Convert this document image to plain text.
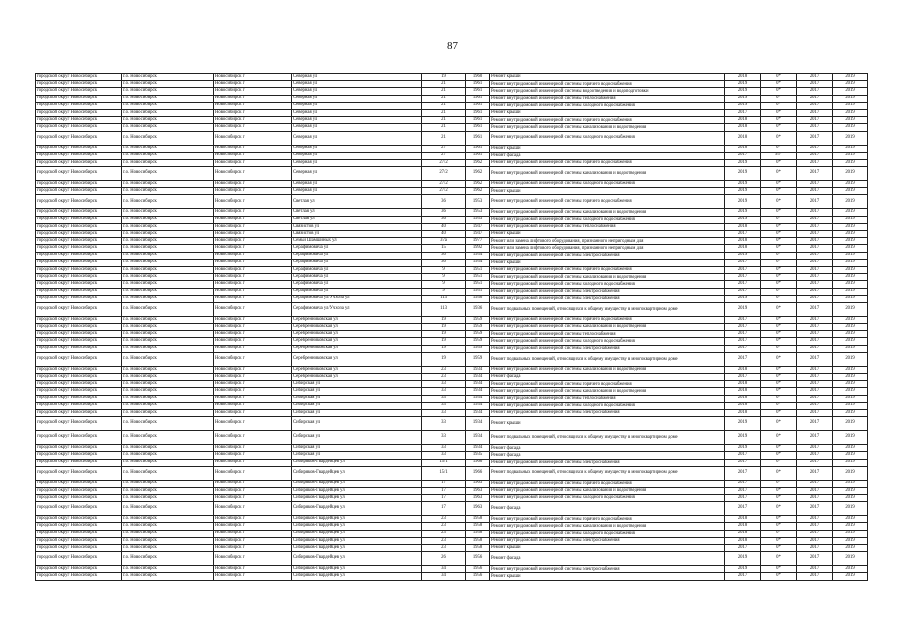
87
городской округ Новосибирск	г.о. Новосибирск	Новосибирск г	Северная ул	19	1960	Ремонт крыши	2018	0*	2017	2019
городской округ Новосибирск	г.о. Новосибирск	Новосибирск г	Северная ул	21	1961	Ремонт внутридомовой инженерной системы горячего водоснабжения	2019	0*	2017	2019
городской округ Новосибирск	г.о. Новосибирск	Новосибирск г	Северная ул	21	1961	Ремонт внутридомовой инженерной системы водоотведения и водоподготовки	2019	0*	2017	2019
городской округ Новосибирск	г.о. Новосибирск	Новосибирск г	Северная ул	21	1961	Ремонт внутридомовой инженерной системы теплоснабжения	2019	0*	2017	2019
городской округ Новосибирск	г.о. Новосибирск	Новосибирск г	Северная ул	21	1961	Ремонт внутридомовой инженерной системы холодного водоснабжения	2019	0*	2017	2019
городской округ Новосибирск	г.о. Новосибирск	Новосибирск г	Северная ул	21	1961	Ремонт крыши	2017	0*	2017	2019
городской округ Новосибирск	г.о. Новосибирск	Новосибирск г	Северная ул	21	1961	Ремонт внутридомовой инженерной системы горячего водоснабжения	2018	0*	2017	2019
городской округ Новосибирск	г.о. Новосибирск	Новосибирск г	Северная ул	21	1961	Ремонт внутридомовой инженерной системы канализования и водоотведения	2018	0*	2017	2019
городской округ Новосибирск	г.о. Новосибирск	Новосибирск г	Северная ул	21	1961	Ремонт внутридомовой инженерной системы холодного водоснабжения	2018	0*	2017	2019
городской округ Новосибирск	г.о. Новосибирск	Новосибирск г	Северная ул	27	1961	Ремонт крыши	2018	0*	2017	2019
городской округ Новосибирск	г.о. Новосибирск	Новосибирск г	Северная ул	27	1961	Ремонт фасада	2017	95*	2017	2019
городской округ Новосибирск	г.о. Новосибирск	Новосибирск г	Северная ул	27/2	1962	Ремонт внутридомовой инженерной системы горячего водоснабжения	2019	0*	2017	2019
городской округ Новосибирск	г.о. Новосибирск	Новосибирск г	Северная ул	27/2	1962	Ремонт внутридомовой инженерной системы канализования и водоотведения	2019	0*	2017	2019
городской округ Новосибирск	г.о. Новосибирск	Новосибирск г	Северная ул	27/2	1962	Ремонт внутридомовой инженерной системы холодного водоснабжения	2019	0*	2017	2019
городской округ Новосибирск	г.о. Новосибирск	Новосибирск г	Северная ул	27/2	1962	Ремонт крыши	2019	0*	2017	2019
городской округ Новосибирск	г.о. Новосибирск	Новосибирск г	Светлая ул	36	1953	Ремонт внутридомовой инженерной системы горячего водоснабжения	2019	0*	2017	2019
городской округ Новосибирск	г.о. Новосибирск	Новосибирск г	Светлая ул	36	1953	Ремонт внутридомовой инженерной системы канализования и водоотведения	2019	0*	2017	2019
городской округ Новосибирск	г.о. Новосибирск	Новосибирск г	Светлая ул	36	1953	Ремонт внутридомовой инженерной системы холодного водоснабжения	2019	0*	2017	2019
городской округ Новосибирск	г.о. Новосибирск	Новосибирск г	Связистов ул	40	1947	Ремонт внутридомовой инженерной системы теплоснабжения	2018	0*	2017	2019
городской округ Новосибирск	г.о. Новосибирск	Новосибирск г	Связистов ул	40	1947	Ремонт крыши	2017	0*	2017	2019
городской округ Новосибирск	г.о. Новосибирск	Новосибирск г	Семьи Шамшиных ул	37а	1977	Ремонт или замена лифтового оборудования, признанного непригодным для	2018	0*	2017	2019
городской округ Новосибирск	г.о. Новосибирск	Новосибирск г	Серафимовича ул	15	1992	Ремонт или замена лифтового оборудования, признанного непригодным для	2018	0*	2017	2019
городской округ Новосибирск	г.о. Новосибирск	Новосибирск г	Серафимовича ул	30	1954	Ремонт внутридомовой инженерной системы электроснабжения	2019	0*	2017	2019
городской округ Новосибирск	г.о. Новосибирск	Новосибирск г	Серафимовича ул	30	1954	Ремонт крыши	2017	0*	2017	2019
городской округ Новосибирск	г.о. Новосибирск	Новосибирск г	Серафимовича ул	9	1951	Ремонт внутридомовой инженерной системы горячего водоснабжения	2017	0*	2017	2019
городской округ Новосибирск	г.о. Новосибирск	Новосибирск г	Серафимовича ул	9	1951	Ремонт внутридомовой инженерной системы канализования и водоотведения	2017	0*	2017	2019
городской округ Новосибирск	г.о. Новосибирск	Новосибирск г	Серафимовича ул	9	1951	Ремонт внутридомовой инженерной системы холодного водоснабжения	2017	0*	2017	2019
городской округ Новосибирск	г.о. Новосибирск	Новосибирск г	Серафимовича ул	9	1951	Ремонт внутридомовой инженерной системы электроснабжения	2017	0*	2017	2019
городской округ Новосибирск	г.о. Новосибирск	Новосибирск г	Серафимовича ул/Учхоза ул	113	1936	Ремонт внутридомовой инженерной системы электроснабжения	2019	0*	2017	2019
городской округ Новосибирск	г.о. Новосибирск	Новосибирск г	Серафимовича ул/Учхоза ул	113	1936	Ремонт подвальных помещений, относящихся к общему имуществу в многоквартирном доме	2019	0*	2017	2019
городской округ Новосибирск	г.о. Новосибирск	Новосибирск г	Серебренниковская ул	19	1959	Ремонт внутридомовой инженерной системы горячего водоснабжения	2017	0*	2017	2019
городской округ Новосибирск	г.о. Новосибирск	Новосибирск г	Серебренниковская ул	19	1959	Ремонт внутридомовой инженерной системы канализования и водоотведения	2017	0*	2017	2019
городской округ Новосибирск	г.о. Новосибирск	Новосибирск г	Серебренниковская ул	19	1959	Ремонт внутридомовой инженерной системы теплоснабжения	2017	0*	2017	2019
городской округ Новосибирск	г.о. Новосибирск	Новосибирск г	Серебренниковская ул	19	1959	Ремонт внутридомовой инженерной системы холодного водоснабжения	2017	0*	2017	2019
городской округ Новосибирск	г.о. Новосибирск	Новосибирск г	Серебренниковская ул	19	1959	Ремонт внутридомовой инженерной системы электроснабжения	2017	0*	2017	2019
городской округ Новосибирск	г.о. Новосибирск	Новосибирск г	Серебренниковская ул	19	1959	Ремонт подвальных помещений, относящихся к общему имуществу в многоквартирном доме	2017	0*	2017	2019
городской округ Новосибирск	г.о. Новосибирск	Новосибирск г	Серебренниковская ул	23	1934	Ремонт внутридомовой инженерной системы канализования и водоотведения	2018	0*	2017	2019
городской округ Новосибирск	г.о. Новосибирск	Новосибирск г	Серебренниковская ул	23	1934	Ремонт фасада	2017	0*	2017	2019
городской округ Новосибирск	г.о. Новосибирск	Новосибирск г	Сибирская ул	33	1934	Ремонт внутридомовой инженерной системы горячего водоснабжения	2018	0*	2017	2019
городской округ Новосибирск	г.о. Новосибирск	Новосибирск г	Сибирская ул	33	1934	Ремонт внутридомовой инженерной системы канализования и водоотведения	2018	0*	2017	2019
городской округ Новосибирск	г.о. Новосибирск	Новосибирск г	Сибирская ул	33	1934	Ремонт внутридомовой инженерной системы теплоснабжения	2018	0*	2017	2019
городской округ Новосибирск	г.о. Новосибирск	Новосибирск г	Сибирская ул	33	1934	Ремонт внутридомовой инженерной системы холодного водоснабжения	2018	0*	2017	2019
городской округ Новосибирск	г.о. Новосибирск	Новосибирск г	Сибирская ул	33	1934	Ремонт внутридомовой инженерной системы электроснабжения	2018	0*	2017	2019
городской округ Новосибирск	г.о. Новосибирск	Новосибирск г	Сибирская ул	33	1934	Ремонт крыши	2019	0*	2017	2019
городской округ Новосибирск	г.о. Новосибирск	Новосибирск г	Сибирская ул	33	1934	Ремонт подвальных помещений, относящихся к общему имуществу в многоквартирном доме	2019	0*	2017	2019
городской округ Новосибирск	г.о. Новосибирск	Новосибирск г	Сибирская ул	33	1934	Ремонт фасада	2019	0*	2017	2019
городской округ Новосибирск	г.о. Новосибирск	Новосибирск г	Сибирская ул	33	1935	Ремонт фасада	2017	0*	2017	2019
городской округ Новосибирск	г.о. Новосибирск	Новосибирск г	Сибиряков-Гвардейцев ул	15/1	1966	Ремонт внутридомовой инженерной системы электроснабжения	2017	0*	2017	2019
городской округ Новосибирск	г.о. Новосибирск	Новосибирск г	Сибиряков-Гвардейцев ул	15/1	1966	Ремонт подвальных помещений, относящихся к общему имуществу в многоквартирном доме	2017	0*	2017	2019
городской округ Новосибирск	г.о. Новосибирск	Новосибирск г	Сибиряков-Гвардейцев ул	17	1963	Ремонт внутридомовой инженерной системы горячего водоснабжения	2017	0*	2017	2019
городской округ Новосибирск	г.о. Новосибирск	Новосибирск г	Сибиряков-Гвардейцев ул	17	1963	Ремонт внутридомовой инженерной системы канализования и водоотведения	2017	0*	2017	2019
городской округ Новосибирск	г.о. Новосибирск	Новосибирск г	Сибиряков-Гвардейцев ул	17	1963	Ремонт внутридомовой инженерной системы холодного водоснабжения	2017	0*	2017	2019
городской округ Новосибирск	г.о. Новосибирск	Новосибирск г	Сибиряков-Гвардейцев ул	17	1963	Ремонт фасада	2017	0*	2017	2019
городской округ Новосибирск	г.о. Новосибирск	Новосибирск г	Сибиряков-Гвардейцев ул	23	1958	Ремонт внутридомовой инженерной системы горячего водоснабжения	2018	0*	2017	2019
городской округ Новосибирск	г.о. Новосибирск	Новосибирск г	Сибиряков-Гвардейцев ул	23	1958	Ремонт внутридомовой инженерной системы канализования и водоотведения	2018	0*	2017	2019
городской округ Новосибирск	г.о. Новосибирск	Новосибирск г	Сибиряков-Гвардейцев ул	23	1958	Ремонт внутридомовой инженерной системы холодного водоснабжения	2018	0*	2017	2019
городской округ Новосибирск	г.о. Новосибирск	Новосибирск г	Сибиряков-Гвардейцев ул	23	1958	Ремонт внутридомовой инженерной системы электроснабжения	2018	0*	2017	2019
городской округ Новосибирск	г.о. Новосибирск	Новосибирск г	Сибиряков-Гвардейцев ул	23	1958	Ремонт крыши	2017	0*	2017	2019
городской округ Новосибирск	г.о. Новосибирск	Новосибирск г	Сибиряков-Гвардейцев ул	26	1956	Ремонт фасада	2019	0*	2017	2019
городской округ Новосибирск	г.о. Новосибирск	Новосибирск г	Сибиряков-Гвардейцев ул	34	1956	Ремонт внутридомовой инженерной системы электроснабжения	2019	0*	2017	2019
городской округ Новосибирск	г.о. Новосибирск	Новосибирск г	Сибиряков-Гвардейцев ул	34	1956	Ремонт крыши	2017	0*	2017	2019
